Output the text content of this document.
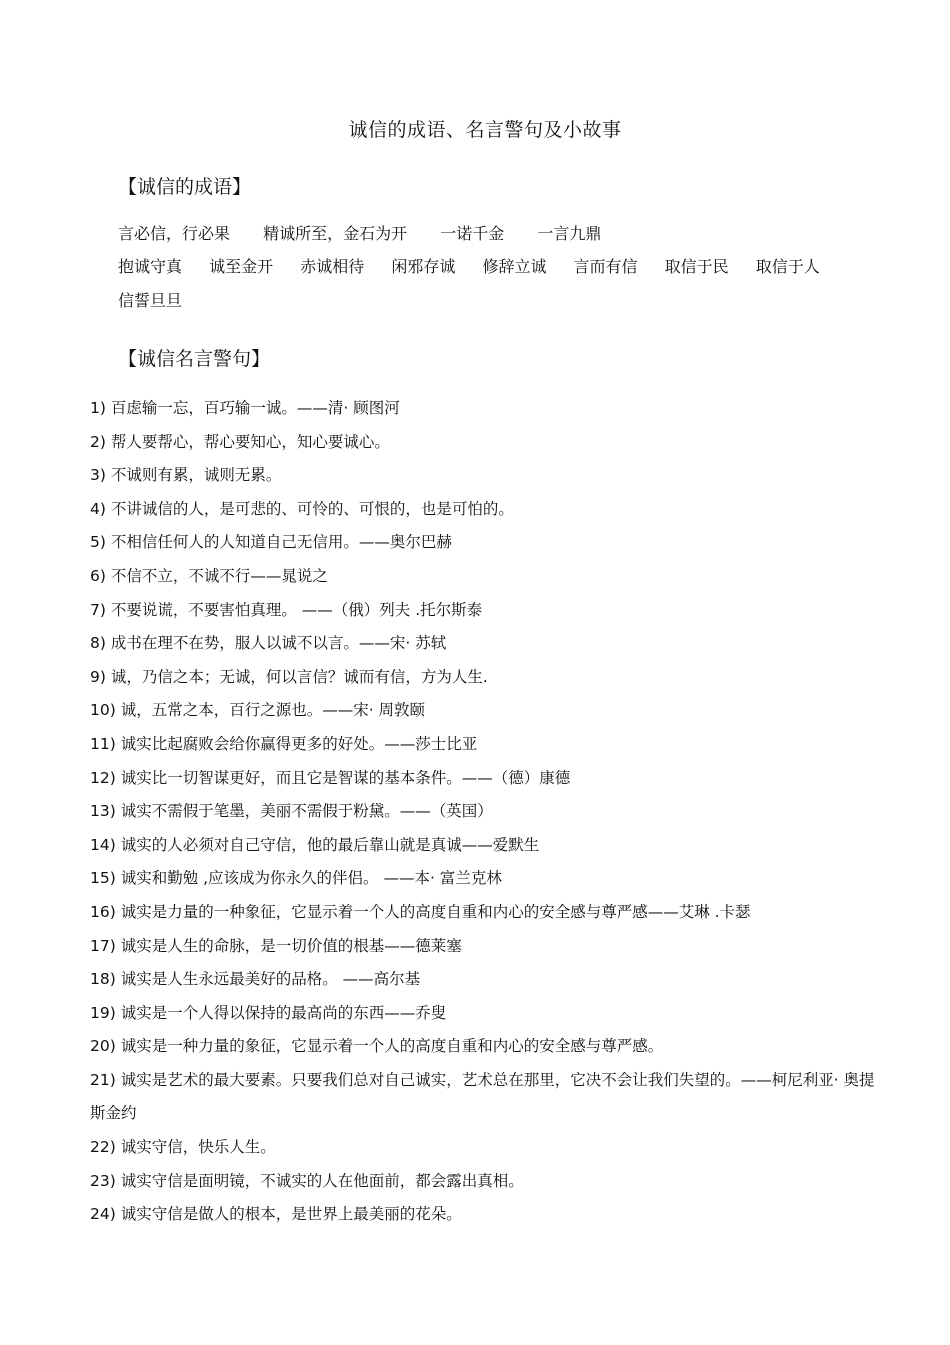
诚信的成语、名言警句及小故事
【诚信的成语】
言必信，行必果 精诚所至，金石为开 一诺千金 一言九鼎
抱诚守真 诚至金开 赤诚相待 闲邪存诚 修辞立诚 言而有信 取信于民 取信于人
信誓旦旦
【诚信名言警句】
1) 百虑输一忘，百巧输一诚。——清· 顾图河
2) 帮人要帮心，帮心要知心，知心要诚心。
3) 不诚则有累，诚则无累。
4) 不讲诚信的人，是可悲的、可怜的、可恨的，也是可怕的。
5) 不相信任何人的人知道自己无信用。——奥尔巴赫
6) 不信不立，不诚不行——晁说之
7) 不要说谎，不要害怕真理。 ——（俄）列夫 .托尔斯泰
8) 成书在理不在势，服人以诚不以言。——宋· 苏轼
9) 诚，乃信之本；无诚，何以言信？诚而有信，方为人生.
10) 诚，五常之本，百行之源也。——宋· 周敦颐
11) 诚实比起腐败会给你赢得更多的好处。——莎士比亚
12) 诚实比一切智谋更好，而且它是智谋的基本条件。——（德）康德
13) 诚实不需假于笔墨，美丽不需假于粉黛。——（英国）
14) 诚实的人必须对自己守信，他的最后靠山就是真诚——爱默生
15) 诚实和勤勉 ,应该成为你永久的伴侣。 ——本· 富兰克林
16) 诚实是力量的一种象征，它显示着一个人的高度自重和内心的安全感与尊严感——艾琳 .卡瑟
17) 诚实是人生的命脉，是一切价值的根基——德莱塞
18) 诚实是人生永远最美好的品格。 ——高尔基
19) 诚实是一个人得以保持的最高尚的东西——乔叟
20) 诚实是一种力量的象征，它显示着一个人的高度自重和内心的安全感与尊严感。
21) 诚实是艺术的最大要素。只要我们总对自己诚实，艺术总在那里，它决不会让我们失望的。——柯尼利亚· 奥提斯金约
22) 诚实守信，快乐人生。
23) 诚实守信是面明镜，不诚实的人在他面前，都会露出真相。
24) 诚实守信是做人的根本，是世界上最美丽的花朵。
